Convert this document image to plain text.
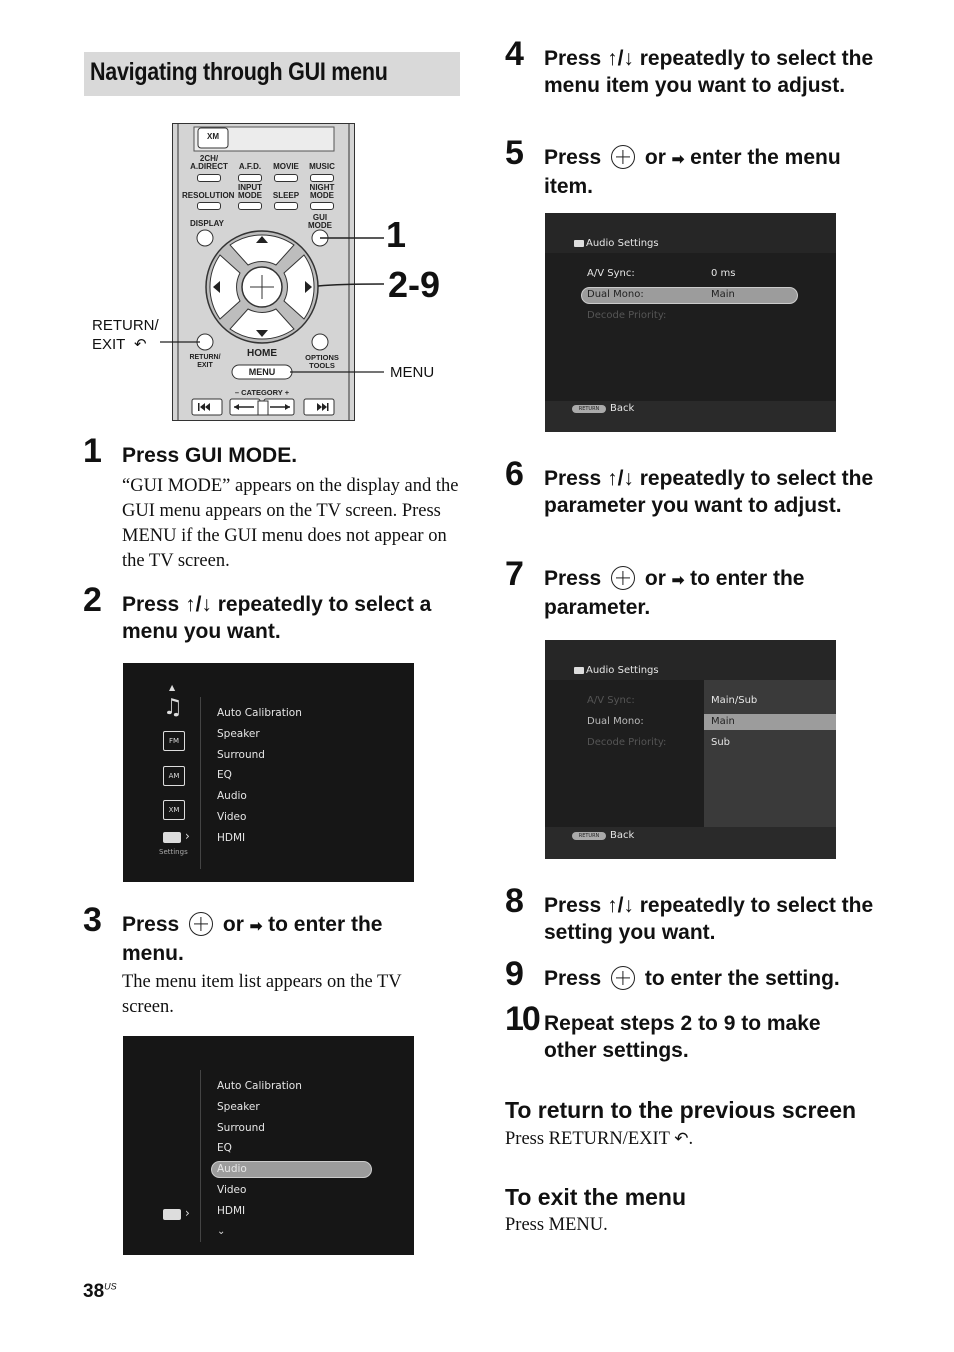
Navigating through GUI menu
XM
2CH/
A.DIRECT	A.F.D.	MOVIE	MUSIC
RESOLUTION
INPUT
MODE	SLEEP
NIGHT
MODE
DISPLAY
GUI
MODE
RETURN/
EXIT
HOME
MENU
OPTIONS
TOOLS
– CATEGORY +
1
2-9
RETURN/
EXIT ↶
MENU
1 Press GUI MODE.
“GUI MODE” appears on the display and the GUI menu appears on the TV screen. Press MENU if the GUI menu does not appear on the TV screen.
2 Press ↑/↓ repeatedly to select a menu you want.
▲
♫
FM
AM
XM
›
Settings
Auto Calibration
Speaker
Surround
EQ
Audio
Video
HDMI
3 Press  or ➡ to enter the menu.
The menu item list appears on the TV screen.
›
Auto Calibration
Speaker
Surround
EQ
Audio
Video
HDMI
⌄
4 Press ↑/↓ repeatedly to select the menu item you want to adjust.
5 Press  or ➡ enter the menu item.
Audio Settings
A/V Sync:	0 ms
Dual Mono:	Main
Decode Priority:
RETURN	Back
6 Press ↑/↓ repeatedly to select the parameter you want to adjust.
7 Press  or ➡ to enter the parameter.
Audio Settings
A/V Sync:
Dual Mono:
Decode Priority:
Main/Sub
Main
Sub
RETURN	Back
8 Press ↑/↓ repeatedly to select the setting you want.
9 Press  to enter the setting.
10 Repeat steps 2 to 9 to make other settings.
To return to the previous screen
Press RETURN/EXIT ↶.
To exit the menu
Press MENU.
$38^{US}$
